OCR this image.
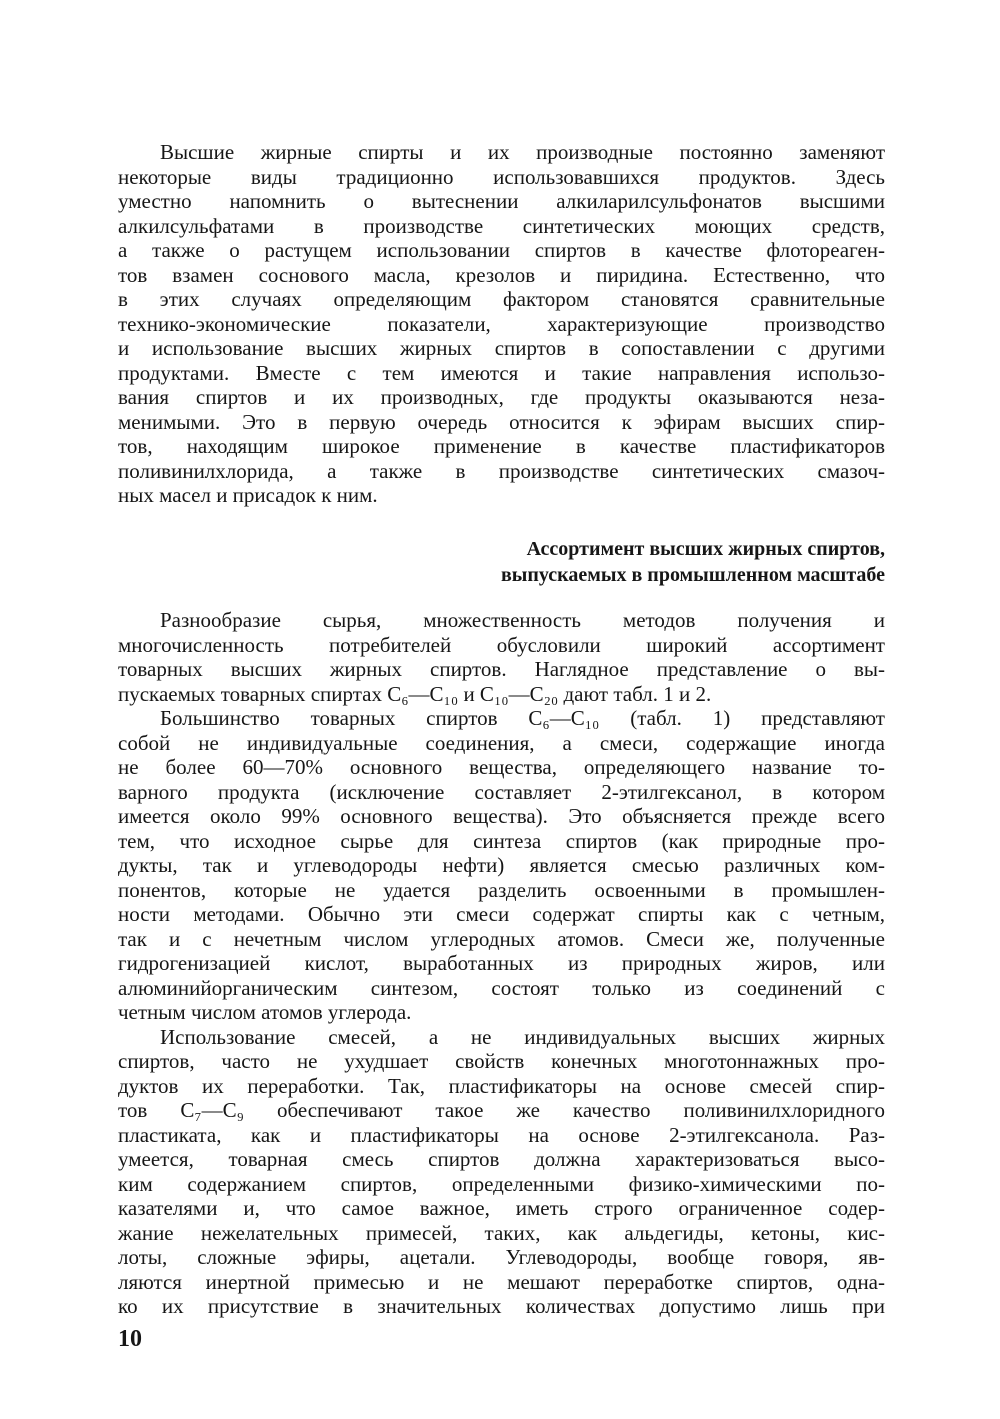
Высшие жирные спирты и их производные постоянно заменяют
некоторые виды традиционно использовавшихся продуктов. Здесь
уместно напомнить о вытеснении алкиларилсульфонатов высшими
алкилсульфатами в производстве синтетических моющих средств,
а также о растущем использовании спиртов в качестве флотореаген-
тов взамен соснового масла, крезолов и пиридина. Естественно, что
в этих случаях определяющим фактором становятся сравнительные
технико-экономические показатели, характеризующие производство
и использование высших жирных спиртов в сопоставлении с другими
продуктами. Вместе с тем имеются и такие направления использо-
вания спиртов и их производных, где продукты оказываются неза-
менимыми. Это в первую очередь относится к эфирам высших спир-
тов, находящим широкое применение в качестве пластификаторов
поливинилхлорида, а также в производстве синтетических смазоч-
ных масел и присадок к ним.
Ассортимент высших жирных спиртов,
выпускаемых в промышленном масштабе
Разнообразие сырья, множественность методов получения и
многочисленность потребителей обусловили широкий ассортимент
товарных высших жирных спиртов. Наглядное представление о вы-
пускаемых товарных спиртах C₆—C₁₀ и C₁₀—C₂₀ дают табл. 1 и 2.
Большинство товарных спиртов C₆—C₁₀ (табл. 1) представляют
собой не индивидуальные соединения, а смеси, содержащие иногда
не более 60—70% основного вещества, определяющего название то-
варного продукта (исключение составляет 2-этилгексанол, в котором
имеется около 99% основного вещества). Это объясняется прежде всего
тем, что исходное сырье для синтеза спиртов (как природные про-
дукты, так и углеводороды нефти) является смесью различных ком-
понентов, которые не удается разделить освоенными в промышлен-
ности методами. Обычно эти смеси содержат спирты как с четным,
так и с нечетным числом углеродных атомов. Смеси же, полученные
гидрогенизацией кислот, выработанных из природных жиров, или
алюминийорганическим синтезом, состоят только из соединений с
четным числом атомов углерода.
Использование смесей, а не индивидуальных высших жирных
спиртов, часто не ухудшает свойств конечных многотоннажных про-
дуктов их переработки. Так, пластификаторы на основе смесей спир-
тов C₇—C₉ обеспечивают такое же качество поливинилхлоридного
пластиката, как и пластификаторы на основе 2-этилгексанола. Раз-
умеется, товарная смесь спиртов должна характеризоваться высо-
ким содержанием спиртов, определенными физико-химическими по-
казателями и, что самое важное, иметь строго ограниченное содер-
жание нежелательных примесей, таких, как альдегиды, кетоны, кис-
лоты, сложные эфиры, ацетали. Углеводороды, вообще говоря, яв-
ляются инертной примесью и не мешают переработке спиртов, одна-
ко их присутствие в значительных количествах допустимо лишь при
10
